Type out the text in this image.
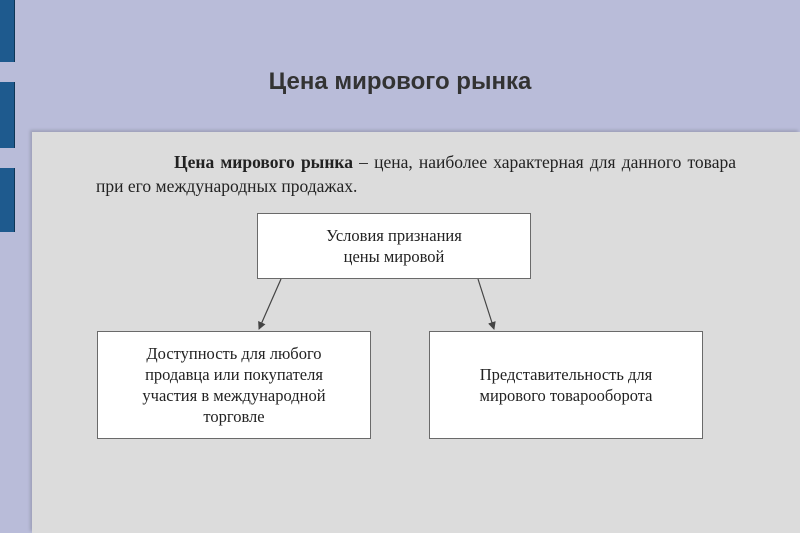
Цена мирового рынка

Цена мирового рынка – цена, наиболее характерная для данного товара при его международных продажах.

Условия признания
цены мировой
Доступность для любого
продавца или покупателя
участия в международной
торговле
Представительность для
мирового товарооборота
